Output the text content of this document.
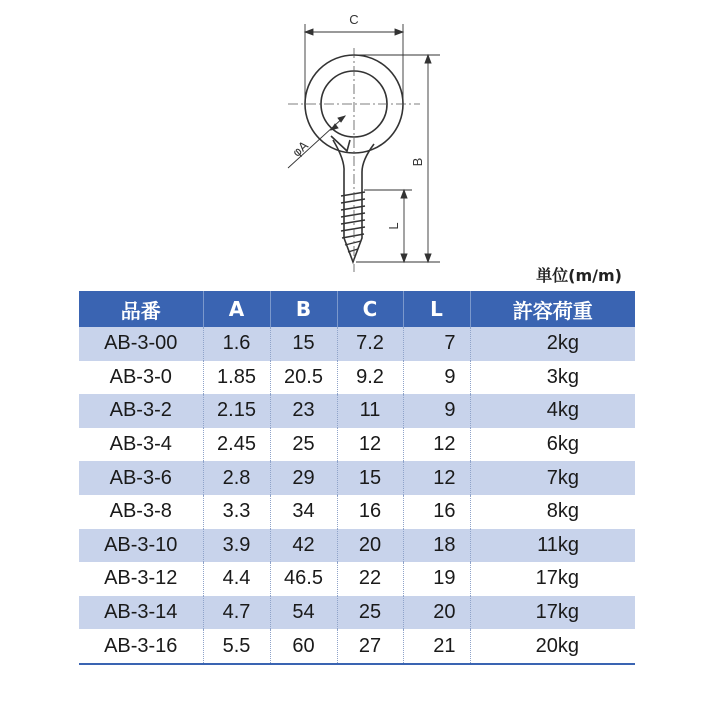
C
B
L
φA
単位(m/m)
品番	A	B	C	L	許容荷重
AB-3-00	1.6	15	7.2	7	2kg
AB-3-0	1.85	20.5	9.2	9	3kg
AB-3-2	2.15	23	11	9	4kg
AB-3-4	2.45	25	12	12	6kg
AB-3-6	2.8	29	15	12	7kg
AB-3-8	3.3	34	16	16	8kg
AB-3-10	3.9	42	20	18	11kg
AB-3-12	4.4	46.5	22	19	17kg
AB-3-14	4.7	54	25	20	17kg
AB-3-16	5.5	60	27	21	20kg
